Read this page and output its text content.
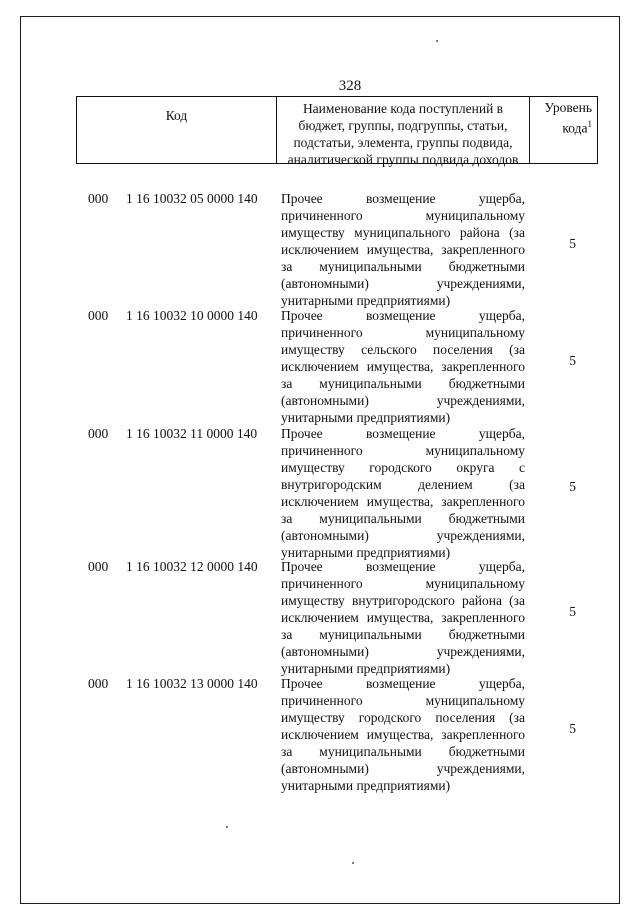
328
Код	Наименование кода поступлений в бюджет, группы, подгруппы, статьи, подстатьи, элемента, группы подвида, аналитической группы подвида доходов
Уровень кода$^1$
000 1 16 10032 05 0000 140 Прочее возмещение ущерба, причиненного муниципальному имуществу муниципального района (за исключением имущества, закрепленного за муниципальными бюджетными (автономными) учреждениями, унитарными предприятиями)
5
000 1 16 10032 10 0000 140 Прочее возмещение ущерба, причиненного муниципальному имуществу сельского поселения (за исключением имущества, закрепленного за муниципальными бюджетными (автономными) учреждениями, унитарными предприятиями)
5
000 1 16 10032 11 0000 140 Прочее возмещение ущерба, причиненного муниципальному имуществу городского округа с внутригородским делением (за исключением имущества, закрепленного за муниципальными бюджетными (автономными) учреждениями, унитарными предприятиями)
5
000 1 16 10032 12 0000 140 Прочее возмещение ущерба, причиненного муниципальному имуществу внутригородского района (за исключением имущества, закрепленного за муниципальными бюджетными (автономными) учреждениями, унитарными предприятиями)
5
000 1 16 10032 13 0000 140 Прочее возмещение ущерба, причиненного муниципальному имуществу городского поселения (за исключением имущества, закрепленного за муниципальными бюджетными (автономными) учреждениями, унитарными предприятиями)
5
